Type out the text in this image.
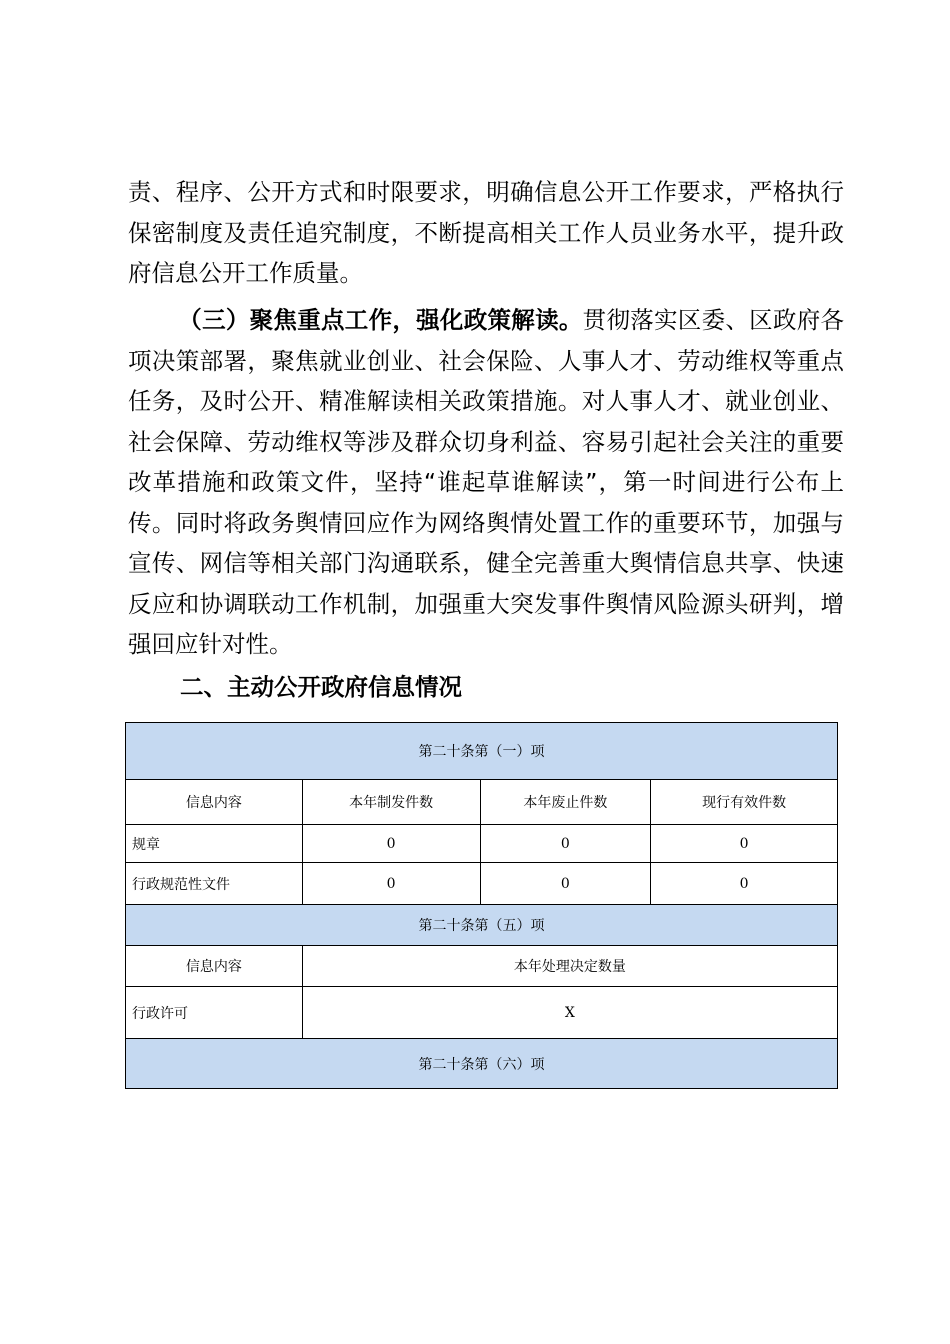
责、程序、公开方式和时限要求，明确信息公开工作要求，严格执行保密制度及责任追究制度，不断提高相关工作人员业务水平，提升政府信息公开工作质量。

（三）聚焦重点工作，强化政策解读。贯彻落实区委、区政府各项决策部署，聚焦就业创业、社会保险、人事人才、劳动维权等重点任务，及时公开、精准解读相关政策措施。对人事人才、就业创业、社会保障、劳动维权等涉及群众切身利益、容易引起社会关注的重要改革措施和政策文件，坚持“谁起草谁解读”，第一时间进行公布上传。同时将政务舆情回应作为网络舆情处置工作的重要环节，加强与宣传、网信等相关部门沟通联系，健全完善重大舆情信息共享、快速反应和协调联动工作机制，加强重大突发事件舆情风险源头研判，增强回应针对性。

二、主动公开政府信息情况

第二十条第（一）项			
信息内容	本年制发件数	本年废止件数	现行有效件数
规章	0	0	0
行政规范性文件	0	0	0
第二十条第（五）项			
信息内容	本年处理决定数量		
行政许可	X		
第二十条第（六）项			
